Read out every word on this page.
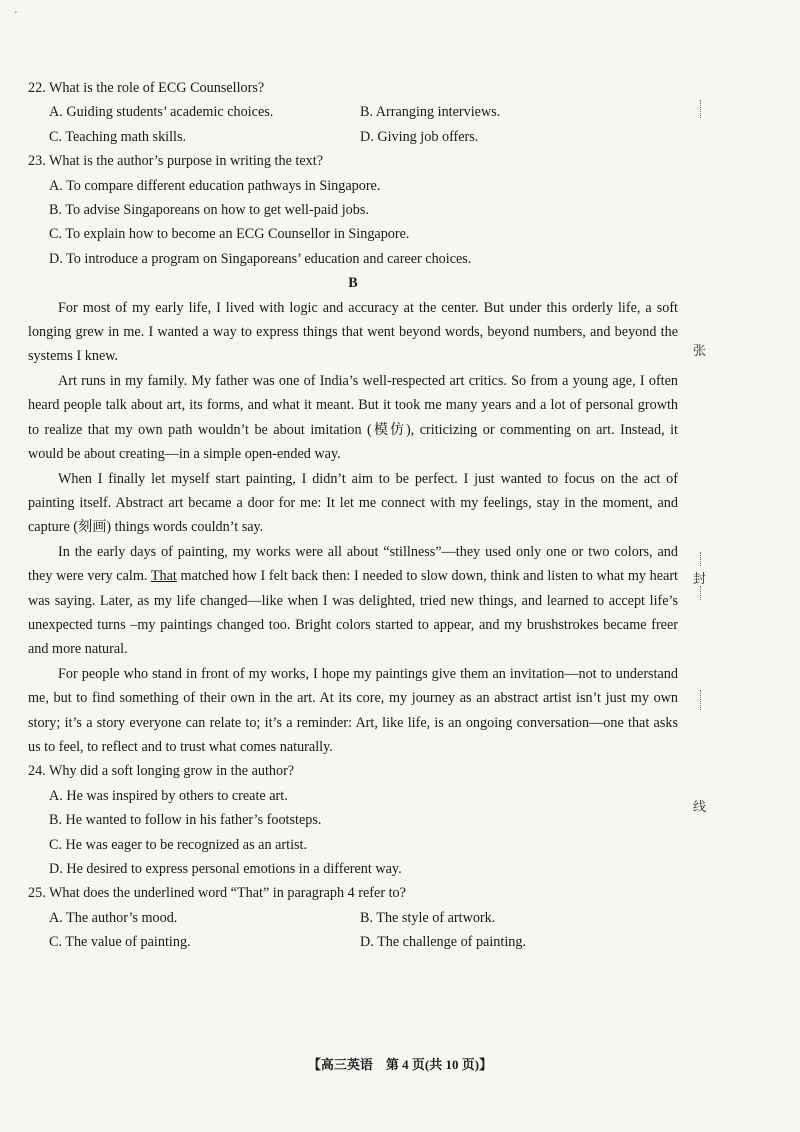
ˊ

22. What is the role of ECG Counsellors?

A. Guiding students’ academic choices.	B. Arranging interviews.
C. Teaching math skills.	D. Giving job offers.

23. What is the author’s purpose in writing the text?

A. To compare different education pathways in Singapore.
B. To advise Singaporeans on how to get well-paid jobs.
C. To explain how to become an ECG Counsellor in Singapore.
D. To introduce a program on Singaporeans’ education and career choices.

B

For most of my early life, I lived with logic and accuracy at the center. But under this orderly life, a soft longing grew in me. I wanted a way to express things that went beyond words, beyond numbers, and beyond the systems I knew.

Art runs in my family. My father was one of India’s well-respected art critics. So from a young age, I often heard people talk about art, its forms, and what it meant. But it took me many years and a lot of personal growth to realize that my own path wouldn’t be about imitation (模仿), criticizing or commenting on art. Instead, it would be about creating—in a simple open-ended way.

When I finally let myself start painting, I didn’t aim to be perfect. I just wanted to focus on the act of painting itself. Abstract art became a door for me: It let me connect with my feelings, stay in the moment, and capture (刻画) things words couldn’t say.

In the early days of painting, my works were all about “stillness”—they used only one or two colors, and they were very calm. That matched how I felt back then: I needed to slow down, think and listen to what my heart was saying. Later, as my life changed—like when I was delighted, tried new things, and learned to accept life’s unexpected turns –my paintings changed too. Bright colors started to appear, and my brushstrokes became freer and more natural.

For people who stand in front of my works, I hope my paintings give them an invitation—not to understand me, but to find something of their own in the art. At its core, my journey as an abstract artist isn’t just my own story; it’s a story everyone can relate to; it’s a reminder: Art, like life, is an ongoing conversation—one that asks us to feel, to reflect and to trust what comes naturally.

24. Why did a soft longing grow in the author?

A. He was inspired by others to create art.
B. He wanted to follow in his father’s footsteps.
C. He was eager to be recognized as an artist.
D. He desired to express personal emotions in a different way.

25. What does the underlined word “That” in paragraph 4 refer to?

A. The author’s mood.	B. The style of artwork.
C. The value of painting.	D. The challenge of painting.
张
封
线
【高三英语　第 4 页(共 10 页)】
